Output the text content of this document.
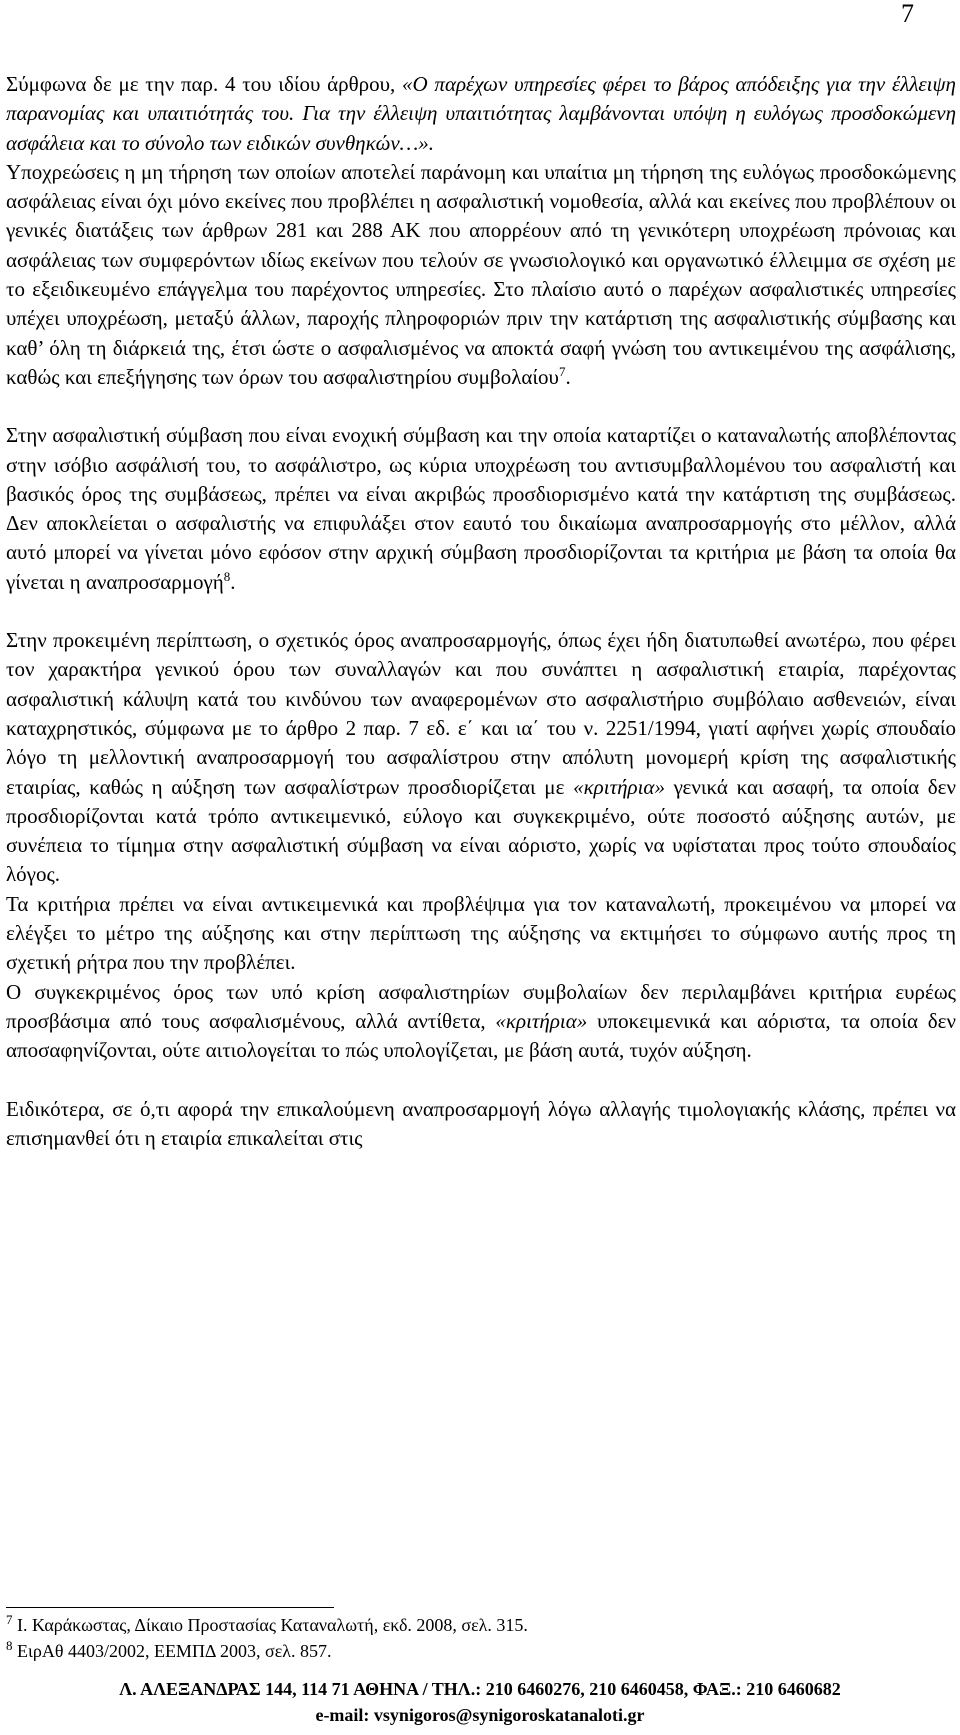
7

Σύμφωνα δε με την παρ. 4 του ιδίου άρθρου, «Ο παρέχων υπηρεσίες φέρει το βάρος απόδειξης για την έλλειψη παρανομίας και υπαιτιότητάς του. Για την έλλειψη υπαιτιότητας λαμβάνονται υπόψη η ευλόγως προσδοκώμενη ασφάλεια και το σύνολο των ειδικών συνθηκών…».

Υποχρεώσεις η μη τήρηση των οποίων αποτελεί παράνομη και υπαίτια μη τήρηση της ευλόγως προσδοκώμενης ασφάλειας είναι όχι μόνο εκείνες που προβλέπει η ασφαλιστική νομοθεσία, αλλά και εκείνες που προβλέπουν οι γενικές διατάξεις των άρθρων 281 και 288 ΑΚ που απορρέουν από τη γενικότερη υποχρέωση πρόνοιας και ασφάλειας των συμφερόντων ιδίως εκείνων που τελούν σε γνωσιολογικό και οργανωτικό έλλειμμα σε σχέση με το εξειδικευμένο επάγγελμα του παρέχοντος υπηρεσίες. Στο πλαίσιο αυτό ο παρέχων ασφαλιστικές υπηρεσίες υπέχει υποχρέωση, μεταξύ άλλων, παροχής πληροφοριών πριν την κατάρτιση της ασφαλιστικής σύμβασης και καθ’ όλη τη διάρκειά της, έτσι ώστε ο ασφαλισμένος να αποκτά σαφή γνώση του αντικειμένου της ασφάλισης, καθώς και επεξήγησης των όρων του ασφαλιστηρίου συμβολαίου$^7$.

Στην ασφαλιστική σύμβαση που είναι ενοχική σύμβαση και την οποία καταρτίζει ο καταναλωτής αποβλέποντας στην ισόβιο ασφάλισή του, το ασφάλιστρο, ως κύρια υποχρέωση του αντισυμβαλλομένου του ασφαλιστή και βασικός όρος της συμβάσεως, πρέπει να είναι ακριβώς προσδιορισμένο κατά την κατάρτιση της συμβάσεως. Δεν αποκλείεται ο ασφαλιστής να επιφυλάξει στον εαυτό του δικαίωμα αναπροσαρμογής στο μέλλον, αλλά αυτό μπορεί να γίνεται μόνο εφόσον στην αρχική σύμβαση προσδιορίζονται τα κριτήρια με βάση τα οποία θα γίνεται η αναπροσαρμογή$^8$.

Στην προκειμένη περίπτωση, ο σχετικός όρος αναπροσαρμογής, όπως έχει ήδη διατυπωθεί ανωτέρω, που φέρει τον χαρακτήρα γενικού όρου των συναλλαγών και που συνάπτει η ασφαλιστική εταιρία, παρέχοντας ασφαλιστική κάλυψη κατά του κινδύνου των αναφερομένων στο ασφαλιστήριο συμβόλαιο ασθενειών, είναι καταχρηστικός, σύμφωνα με το άρθρο 2 παρ. 7 εδ. ε΄ και ια΄ του ν. 2251/1994, γιατί αφήνει χωρίς σπουδαίο λόγο τη μελλοντική αναπροσαρμογή του ασφαλίστρου στην απόλυτη μονομερή κρίση της ασφαλιστικής εταιρίας, καθώς η αύξηση των ασφαλίστρων προσδιορίζεται με «κριτήρια» γενικά και ασαφή, τα οποία δεν προσδιορίζονται κατά τρόπο αντικειμενικό, εύλογο και συγκεκριμένο, ούτε ποσοστό αύξησης αυτών, με συνέπεια το τίμημα στην ασφαλιστική σύμβαση να είναι αόριστο, χωρίς να υφίσταται προς τούτο σπουδαίος λόγος.

Τα κριτήρια πρέπει να είναι αντικειμενικά και προβλέψιμα για τον καταναλωτή, προκειμένου να μπορεί να ελέγξει το μέτρο της αύξησης και στην περίπτωση της αύξησης να εκτιμήσει το σύμφωνο αυτής προς τη σχετική ρήτρα που την προβλέπει.

Ο συγκεκριμένος όρος των υπό κρίση ασφαλιστηρίων συμβολαίων δεν περιλαμβάνει κριτήρια ευρέως προσβάσιμα από τους ασφαλισμένους, αλλά αντίθετα, «κριτήρια» υποκειμενικά και αόριστα, τα οποία δεν αποσαφηνίζονται, ούτε αιτιολογείται το πώς υπολογίζεται, με βάση αυτά, τυχόν αύξηση.

Ειδικότερα, σε ό,τι αφορά την επικαλούμενη αναπροσαρμογή λόγω αλλαγής τιμολογιακής κλάσης, πρέπει να επισημανθεί ότι η εταιρία επικαλείται στις

$^7$ Ι. Καράκωστας, Δίκαιο Προστασίας Καταναλωτή, εκδ. 2008, σελ. 315.

$^8$ ΕιρΑθ 4403/2002, ΕΕΜΠΔ 2003, σελ. 857.

Λ. ΑΛΕΞΑΝΔΡΑΣ 144, 114 71 ΑΘΗΝΑ / ΤΗΛ.: 210 6460276, 210 6460458, ΦΑΞ.: 210 6460682

e-mail: vsynigoros@synigoroskatanaloti.gr
